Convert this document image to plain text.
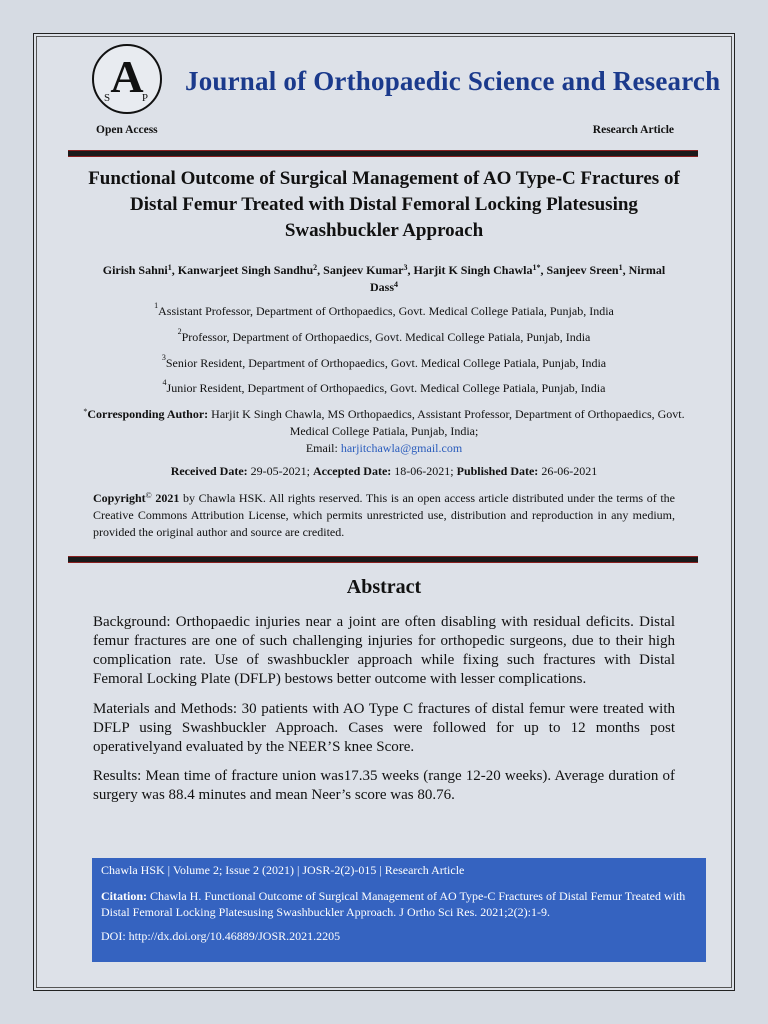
A
S	P
Journal of Orthopaedic Science and Research
Open Access	Research Article
Functional Outcome of Surgical Management of AO Type-C Fractures of Distal Femur Treated with Distal Femoral Locking Platesusing Swashbuckler Approach
Girish Sahni$^1$, Kanwarjeet Singh Sandhu$^2$, Sanjeev Kumar$^3$, Harjit K Singh Chawla$^{1*}$, Sanjeev Sreen$^1$, Nirmal Dass$^4$
$^1$Assistant Professor, Department of Orthopaedics, Govt. Medical College Patiala, Punjab, India
$^2$Professor, Department of Orthopaedics, Govt. Medical College Patiala, Punjab, India
$^3$Senior Resident, Department of Orthopaedics, Govt. Medical College Patiala, Punjab, India
$^4$Junior Resident, Department of Orthopaedics, Govt. Medical College Patiala, Punjab, India
*Corresponding Author: Harjit K Singh Chawla, MS Orthopaedics, Assistant Professor, Department of Orthopaedics, Govt. Medical College Patiala, Punjab, India;
Email: harjitchawla@gmail.com
Received Date: 29-05-2021; Accepted Date: 18-06-2021; Published Date: 26-06-2021
Copyright© 2021 by Chawla HSK. All rights reserved. This is an open access article distributed under the terms of the Creative Commons Attribution License, which permits unrestricted use, distribution and reproduction in any medium, provided the original author and source are credited.
Abstract
Background: Orthopaedic injuries near a joint are often disabling with residual deficits. Distal femur fractures are one of such challenging injuries for orthopedic surgeons, due to their high complication rate. Use of swashbuckler approach while fixing such fractures with Distal Femoral Locking Plate (DFLP) bestows better outcome with lesser complications.
Materials and Methods: 30 patients with AO Type C fractures of distal femur were treated with DFLP using Swashbuckler Approach. Cases were followed for up to 12 months post operativelyand evaluated by the NEER’S knee Score.
Results: Mean time of fracture union was17.35 weeks (range 12-20 weeks). Average duration of surgery was 88.4 minutes and mean Neer’s score was 80.76.
Chawla HSK | Volume 2; Issue 2 (2021) | JOSR-2(2)-015 | Research Article
Citation: Chawla H. Functional Outcome of Surgical Management of AO Type-C Fractures of Distal Femur Treated with Distal Femoral Locking Platesusing Swashbuckler Approach. J Ortho Sci Res. 2021;2(2):1-9.
DOI: http://dx.doi.org/10.46889/JOSR.2021.2205
